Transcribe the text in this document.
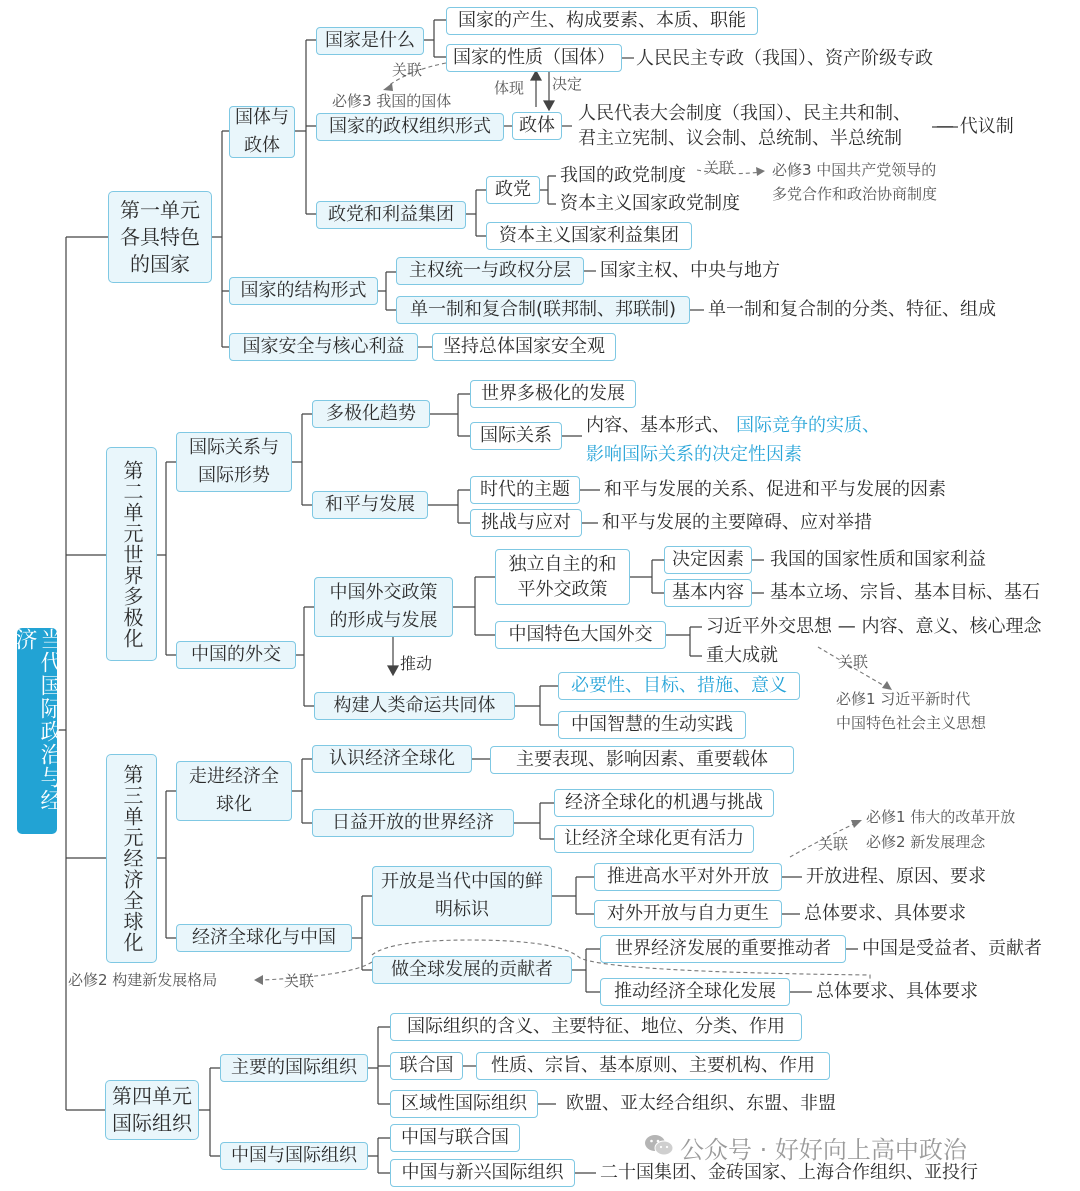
当代国际政治与经济
第一单元各具特色的国家
国体与政体
国家是什么
国家的产生、构成要素、本质、职能
国家的性质（国体）	人民民主专政（我国）、资产阶级专政
关联
必修3 我国的国体
体现 决定
国家的政权组织形式	政体
人民代表大会制度（我国）、民主共和制、
君主立宪制、议会制、总统制、半总统制
— 代议制
政党和利益集团
政党
我国的政党制度
资本主义国家政党制度
关联	必修3 中国共产党领导的
多党合作和政治协商制度
资本主义国家利益集团
国家的结构形式
主权统一与政权分层	国家主权、中央与地方
单一制和复合制(联邦制、邦联制)	单一制和复合制的分类、特征、组成
国家安全与核心利益	坚持总体国家安全观
第二单元世界多极化
国际关系与国际形势
多极化趋势
世界多极化的发展
国际关系	内容、基本形式、 国际竞争的实质、
影响国际关系的决定性因素
和平与发展
时代的主题	和平与发展的关系、促进和平与发展的因素
挑战与应对	和平与发展的主要障碍、应对举措
中国的外交
中国外交政策的形成与发展
独立自主的和平外交政策
决定因素	我国的国家性质和国家利益
基本内容	基本立场、宗旨、基本目标、基石
中国特色大国外交	习近平外交思想 — 内容、意义、核心理念
重大成就	关联
必修1 习近平新时代
中国特色社会主义思想
推动
构建人类命运共同体
必要性、目标、措施、意义
中国智慧的生动实践
第三单元经济全球化	走进经济全球化
认识经济全球化	主要表现、影响因素、重要载体
日益开放的世界经济
经济全球化的机遇与挑战
让经济全球化更有活力	关联
必修1 伟大的改革开放
必修2 新发展理念
经济全球化与中国
开放是当代中国的鲜明标识
推进高水平对外开放	开放进程、原因、要求
对外开放与自力更生	总体要求、具体要求
做全球发展的贡献者
世界经济发展的重要推动者	中国是受益者、贡献者
推动经济全球化发展	总体要求、具体要求
关联
必修2 构建新发展格局
第四单元国际组织
主要的国际组织
国际组织的含义、主要特征、地位、分类、作用
联合国	性质、宗旨、基本原则、主要机构、作用
区域性国际组织	欧盟、亚太经合组织、东盟、非盟
中国与国际组织
中国与联合国
中国与新兴国际组织	二十国集团、金砖国家、上海合作组织、亚投行
公众号 · 好好向上高中政治
